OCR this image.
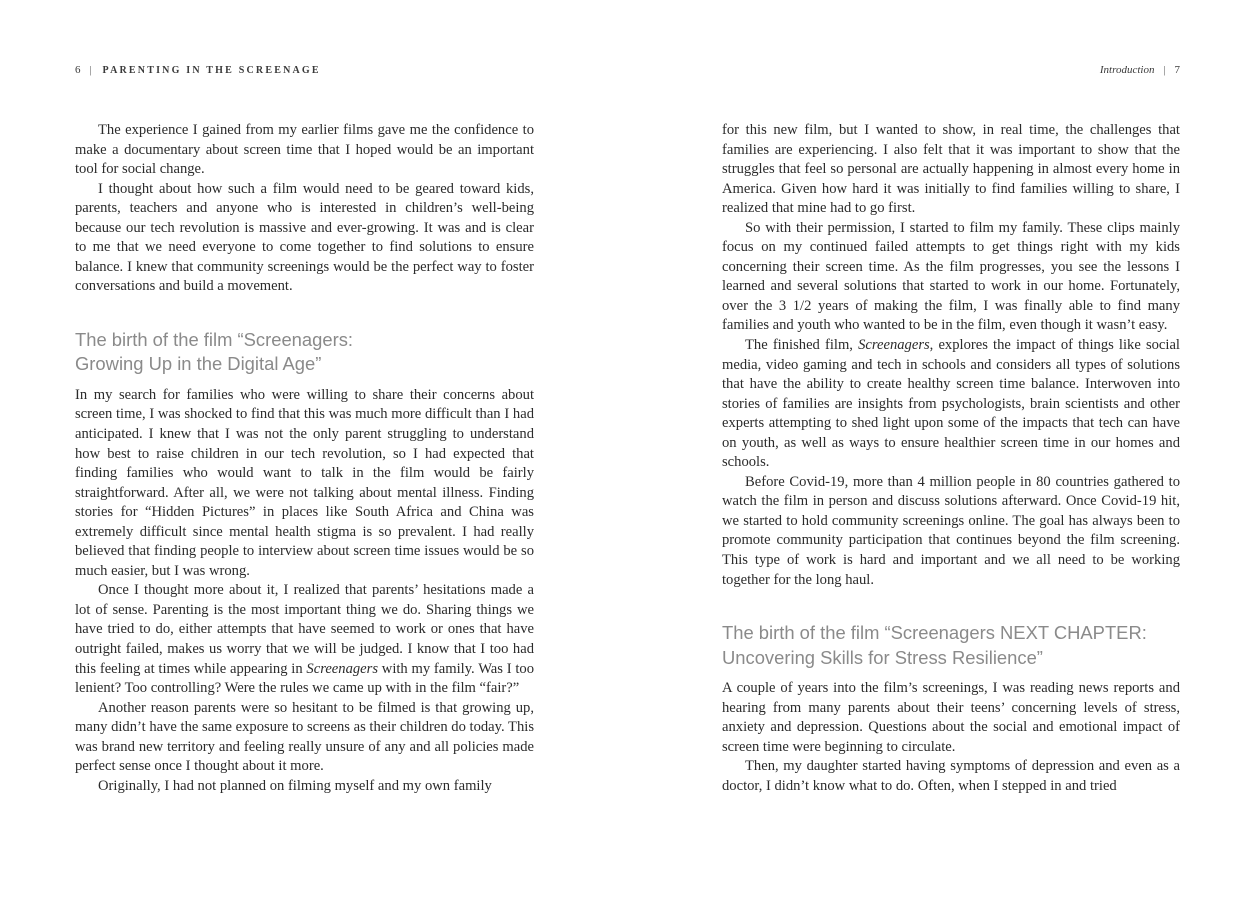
6 | PARENTING IN THE SCREENAGE

The experience I gained from my earlier films gave me the confidence to make a documentary about screen time that I hoped would be an important tool for social change.

I thought about how such a film would need to be geared toward kids, parents, teachers and anyone who is interested in children’s well-being because our tech revolution is massive and ever-growing. It was and is clear to me that we need everyone to come together to find solutions to ensure balance. I knew that community screenings would be the perfect way to foster conversations and build a movement.

The birth of the film “Screenagers:
Growing Up in the Digital Age”

In my search for families who were willing to share their concerns about screen time, I was shocked to find that this was much more difficult than I had anticipated. I knew that I was not the only parent struggling to understand how best to raise children in our tech revolution, so I had expected that finding families who would want to talk in the film would be fairly straightforward. After all, we were not talking about mental illness. Finding stories for “Hidden Pictures” in places like South Africa and China was extremely difficult since mental health stigma is so prevalent. I had really believed that finding people to interview about screen time issues would be so much easier, but I was wrong.

Once I thought more about it, I realized that parents’ hesitations made a lot of sense. Parenting is the most important thing we do. Sharing things we have tried to do, either attempts that have seemed to work or ones that have outright failed, makes us worry that we will be judged. I know that I too had this feeling at times while appearing in Screenagers with my family. Was I too lenient? Too controlling? Were the rules we came up with in the film “fair?”

Another reason parents were so hesitant to be filmed is that growing up, many didn’t have the same exposure to screens as their children do today. This was brand new territory and feeling really unsure of any and all policies made perfect sense once I thought about it more.

Originally, I had not planned on filming myself and my own family

Introduction | 7

for this new film, but I wanted to show, in real time, the challenges that families are experiencing. I also felt that it was important to show that the struggles that feel so personal are actually happening in almost every home in America. Given how hard it was initially to find families willing to share, I realized that mine had to go first.

So with their permission, I started to film my family. These clips mainly focus on my continued failed attempts to get things right with my kids concerning their screen time. As the film progresses, you see the lessons I learned and several solutions that started to work in our home. Fortunately, over the 3 1/2 years of making the film, I was finally able to find many families and youth who wanted to be in the film, even though it wasn’t easy.

The finished film, Screenagers, explores the impact of things like social media, video gaming and tech in schools and considers all types of solutions that have the ability to create healthy screen time balance. Interwoven into stories of families are insights from psychologists, brain scientists and other experts attempting to shed light upon some of the impacts that tech can have on youth, as well as ways to ensure healthier screen time in our homes and schools.

Before Covid-19, more than 4 million people in 80 countries gathered to watch the film in person and discuss solutions afterward. Once Covid-19 hit, we started to hold community screenings online. The goal has always been to promote community participation that continues beyond the film screening. This type of work is hard and important and we all need to be working together for the long haul.

The birth of the film “Screenagers NEXT CHAPTER:
Uncovering Skills for Stress Resilience”

A couple of years into the film’s screenings, I was reading news reports and hearing from many parents about their teens’ concerning levels of stress, anxiety and depression. Questions about the social and emotional impact of screen time were beginning to circulate.

Then, my daughter started having symptoms of depression and even as a doctor, I didn’t know what to do. Often, when I stepped in and tried
